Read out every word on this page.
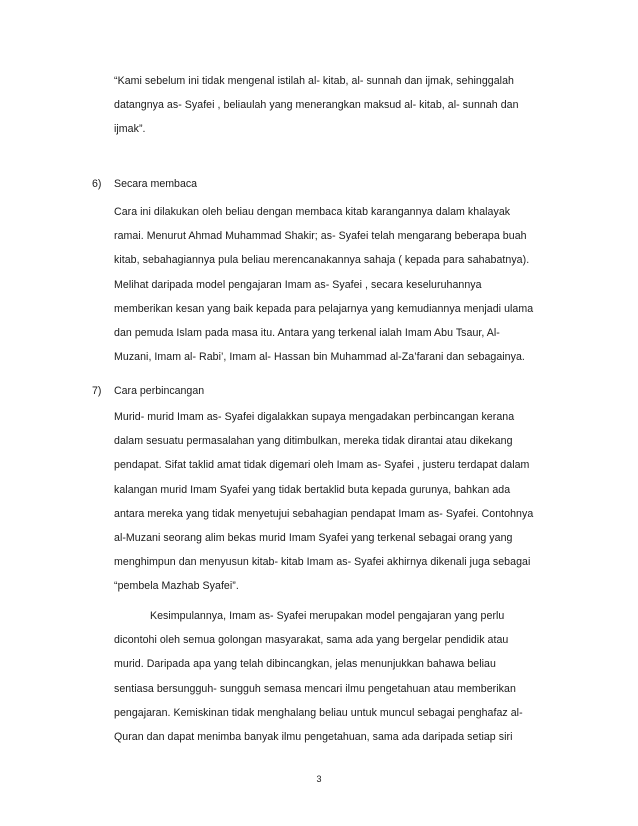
“Kami sebelum ini tidak mengenal istilah al- kitab, al- sunnah dan ijmak, sehinggalah
datangnya as- Syafei , beliaulah yang menerangkan maksud al- kitab, al- sunnah dan
ijmak”.
6) Secara membaca
Cara ini dilakukan oleh beliau dengan membaca kitab karangannya dalam khalayak
ramai. Menurut Ahmad Muhammad Shakir; as- Syafei telah mengarang beberapa buah
kitab, sebahagiannya pula beliau merencanakannya sahaja ( kepada para sahabatnya).
Melihat daripada model pengajaran Imam as- Syafei , secara keseluruhannya
memberikan kesan yang baik kepada para pelajarnya yang kemudiannya menjadi ulama
dan pemuda Islam pada masa itu. Antara yang terkenal ialah Imam Abu Tsaur, Al-
Muzani, Imam al- Rabi’, Imam al- Hassan bin Muhammad al-Za’farani dan sebagainya.
7) Cara perbincangan
Murid- murid Imam as- Syafei digalakkan supaya mengadakan perbincangan kerana
dalam sesuatu permasalahan yang ditimbulkan, mereka tidak dirantai atau dikekang
pendapat. Sifat taklid amat tidak digemari oleh Imam as- Syafei , justeru terdapat dalam
kalangan murid Imam Syafei yang tidak bertaklid buta kepada gurunya, bahkan ada
antara mereka yang tidak menyetujui sebahagian pendapat Imam as- Syafei. Contohnya
al-Muzani seorang alim bekas murid Imam Syafei yang terkenal sebagai orang yang
menghimpun dan menyusun kitab- kitab Imam as- Syafei akhirnya dikenali juga sebagai
“pembela Mazhab Syafei”.
Kesimpulannya, Imam as- Syafei merupakan model pengajaran yang perlu
dicontohi oleh semua golongan masyarakat, sama ada yang bergelar pendidik atau
murid. Daripada apa yang telah dibincangkan, jelas menunjukkan bahawa beliau
sentiasa bersungguh- sungguh semasa mencari ilmu pengetahuan atau memberikan
pengajaran. Kemiskinan tidak menghalang beliau untuk muncul sebagai penghafaz al-
Quran dan dapat menimba banyak ilmu pengetahuan, sama ada daripada setiap siri
3
